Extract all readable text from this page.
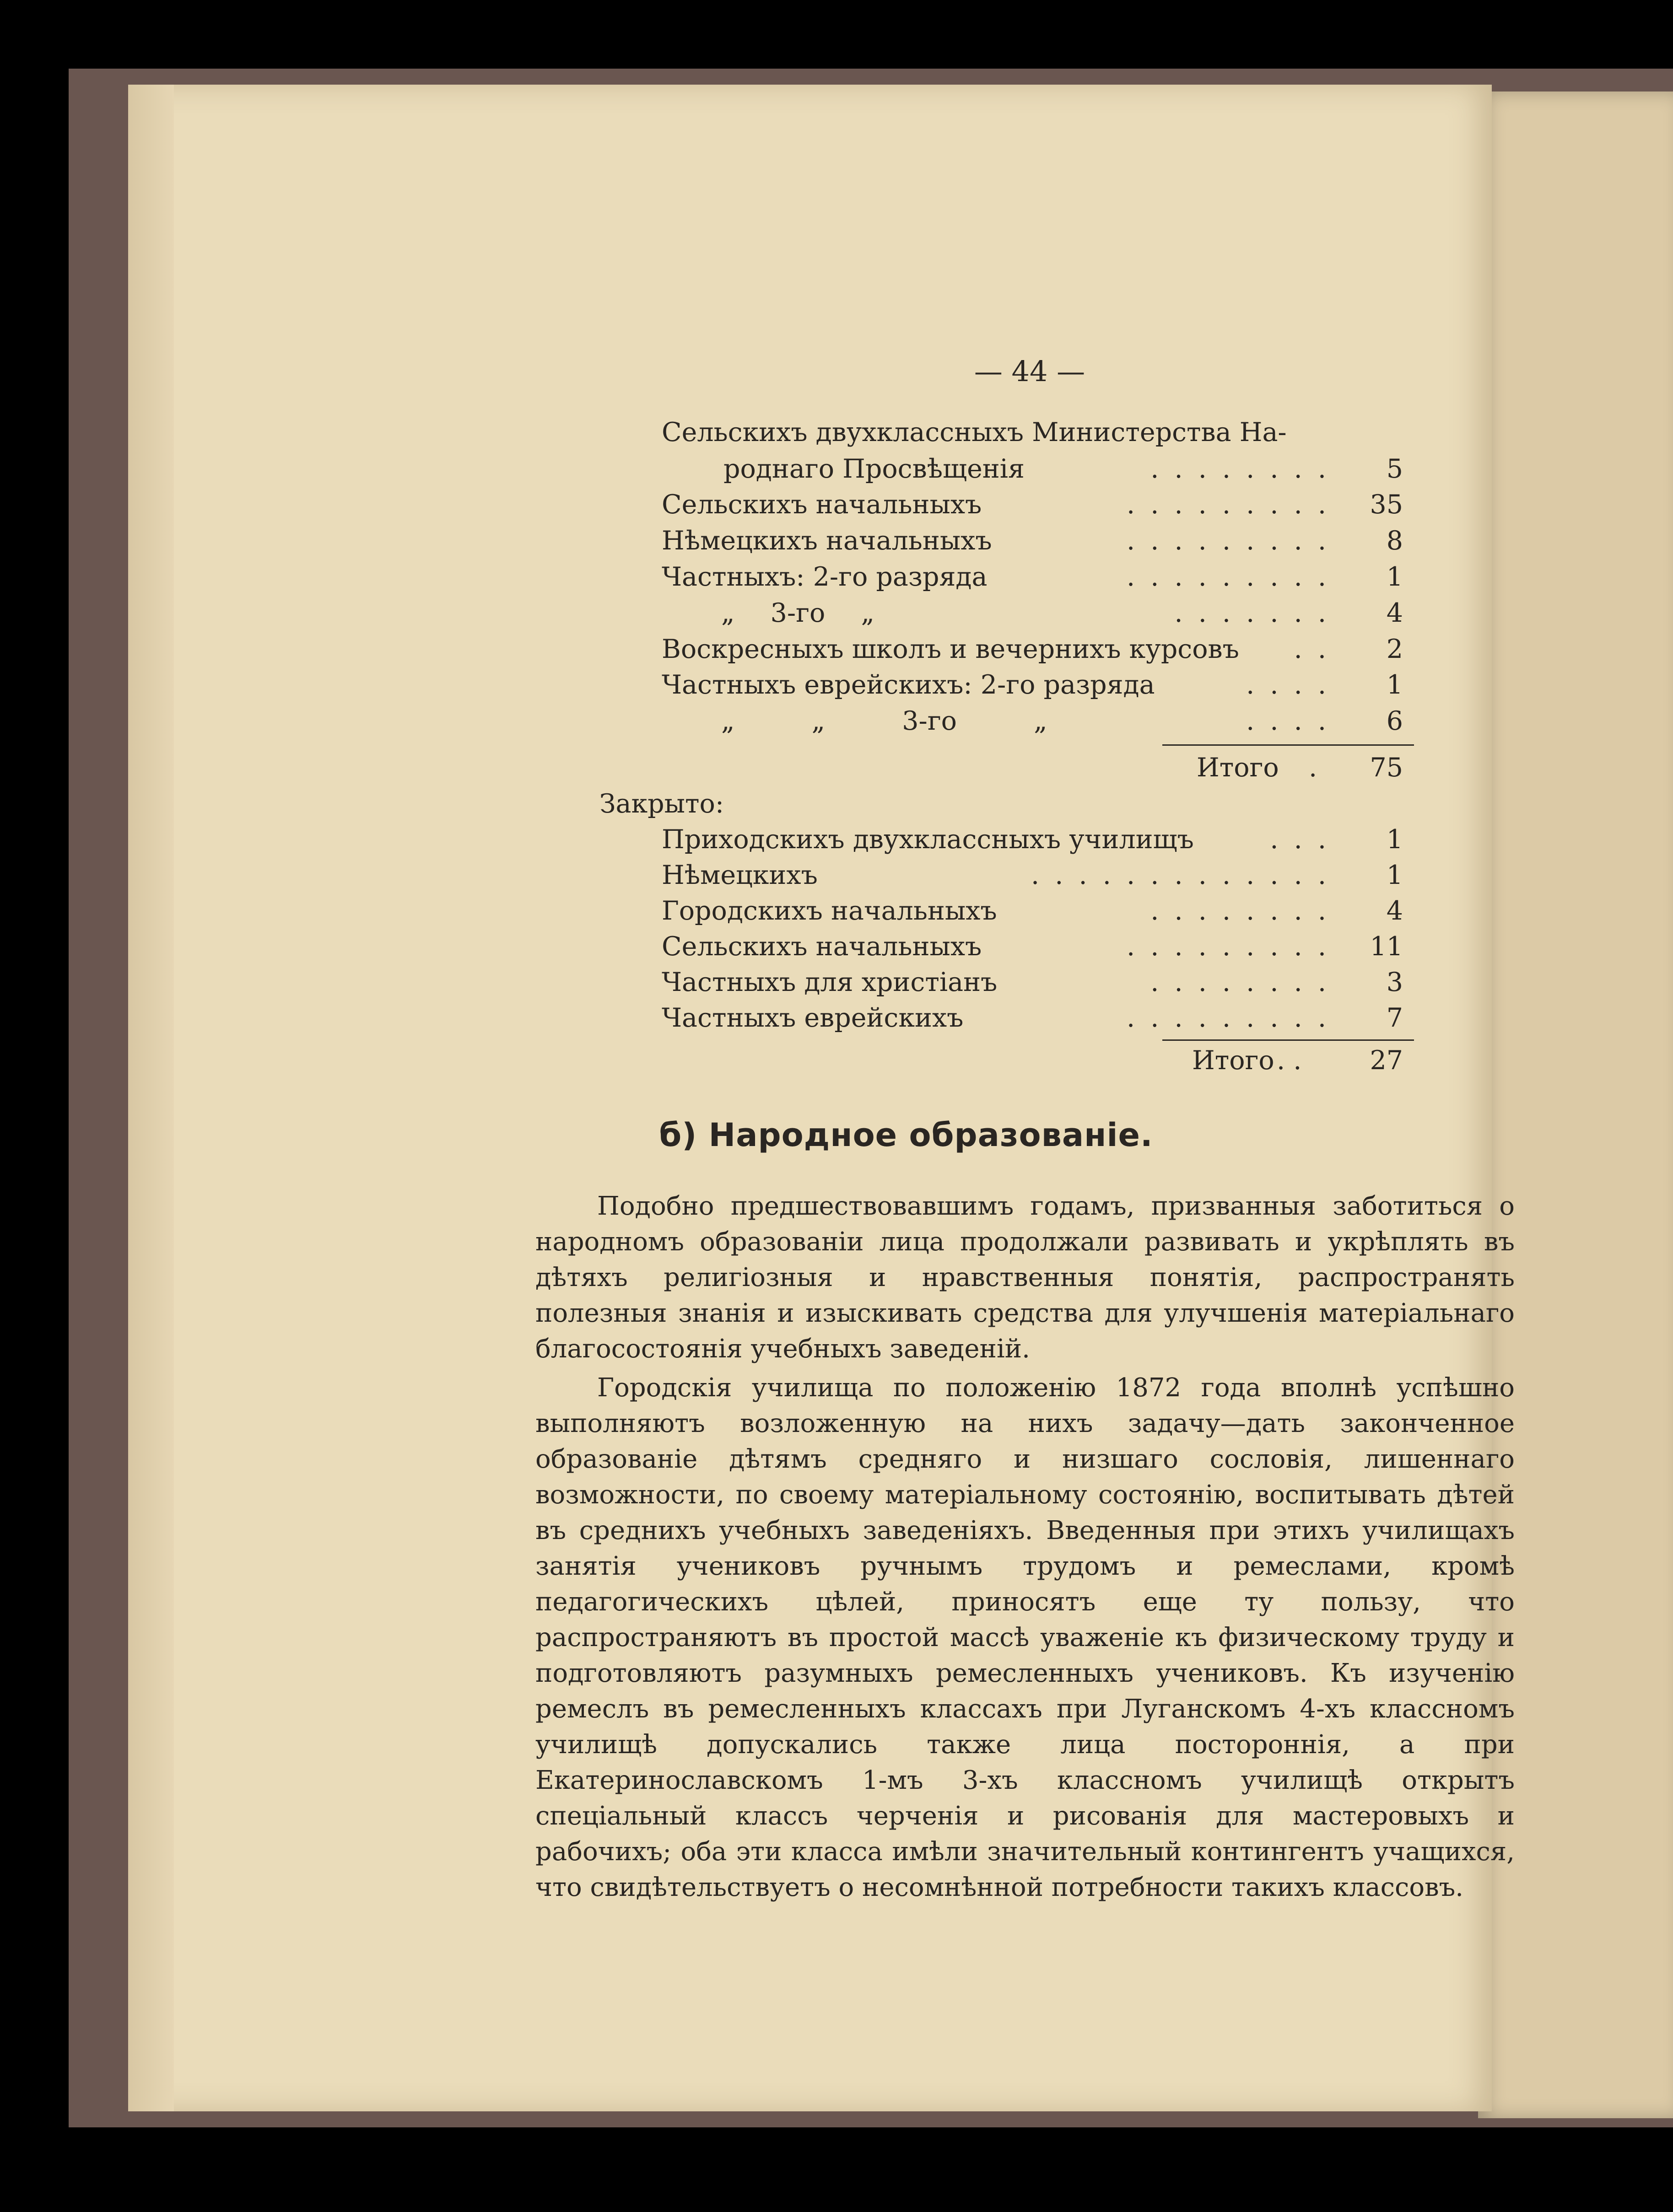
— 44 —
Сельскихъ двухклассныхъ Министерства На-
роднаго Просвѣщенія	. . . . . . . .	5
Сельскихъ начальныхъ	. . . . . . . . .	35
Нѣмецкихъ начальныхъ	. . . . . . . . .	8
Частныхъ: 2-го разряда	. . . . . . . . .	1
„ 3-го „	. . . . . . .	4
Воскресныхъ школъ и вечернихъ курсовъ . .	2
Частныхъ еврейскихъ: 2-го разряда	. . . .	1
„ „ 3-го „	. . . .	6
Итого .	75
Закрыто:
Приходскихъ двухклассныхъ училищъ	. . .	1
Нѣмецкихъ	. . . . . . . . . . . . .	1
Городскихъ начальныхъ	. . . . . . . .	4
Сельскихъ начальныхъ	. . . . . . . . .	11
Частныхъ для христіанъ	. . . . . . . .	3
Частныхъ еврейскихъ	. . . . . . . . .	7
Итого . .	27
б) Народное образованіе.

Подобно предшествовавшимъ годамъ, призванныя заботиться о народномъ образованіи лица продолжали развивать и укрѣплять въ дѣтяхъ религіозныя и нравственныя понятія, распространять полезныя знанія и изыскивать средства для улучшенія матеріальнаго благосостоянія учебныхъ заведеній.

Городскія училища по положенію 1872 года вполнѣ успѣшно выполняютъ возложенную на нихъ задачу—дать законченное образованіе дѣтямъ средняго и низшаго сословія, лишеннаго возможности, по своему матеріальному состоянію, воспитывать дѣтей въ среднихъ учебныхъ заведеніяхъ. Введенныя при этихъ училищахъ занятія учениковъ ручнымъ трудомъ и ремеслами, кромѣ педагогическихъ цѣлей, приносятъ еще ту пользу, что распространяютъ въ простой массѣ уваженіе къ физическому труду и подготовляютъ разумныхъ ремесленныхъ учениковъ. Къ изученію ремеслъ въ ремесленныхъ классахъ при Луганскомъ 4-хъ классномъ училищѣ допускались также лица постороннія, а при Екатеринославскомъ 1-мъ 3-хъ классномъ училищѣ открытъ спеціальный классъ черченія и рисованія для мастеровыхъ и рабочихъ; оба эти класса имѣли значительный контингентъ учащихся, что свидѣтельствуетъ о несомнѣнной потребности такихъ классовъ.
